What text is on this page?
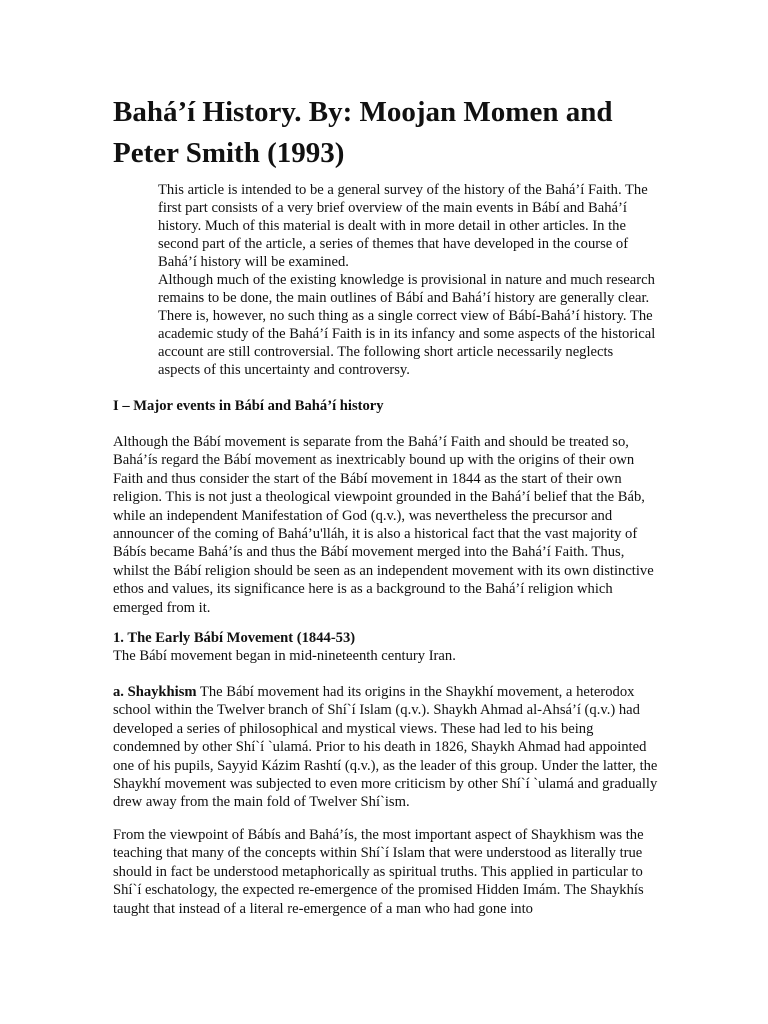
Bahá’í History. By: Moojan Momen and Peter Smith (1993)

This article is intended to be a general survey of the history of the Bahá’í Faith. The first part consists of a very brief overview of the main events in Bábí and Bahá’í history. Much of this material is dealt with in more detail in other articles. In the second part of the article, a series of themes that have developed in the course of Bahá’í history will be examined.

Although much of the existing knowledge is provisional in nature and much research remains to be done, the main outlines of Bábí and Bahá’í history are generally clear. There is, however, no such thing as a single correct view of Bábí-Bahá’í history. The academic study of the Bahá’í Faith is in its infancy and some aspects of the historical account are still controversial. The following short article necessarily neglects aspects of this uncertainty and controversy.

I – Major events in Bábí and Bahá’í history

Although the Bábí movement is separate from the Bahá’í Faith and should be treated so, Bahá’ís regard the Bábí movement as inextricably bound up with the origins of their own Faith and thus consider the start of the Bábí movement in 1844 as the start of their own religion. This is not just a theological viewpoint grounded in the Bahá’í belief that the Báb, while an independent Manifestation of God (q.v.), was nevertheless the precursor and announcer of the coming of Bahá’u'lláh, it is also a historical fact that the vast majority of Bábís became Bahá’ís and thus the Bábí movement merged into the Bahá’í Faith. Thus, whilst the Bábí religion should be seen as an independent movement with its own distinctive ethos and values, its significance here is as a background to the Bahá’í religion which emerged from it.

1. The Early Bábí Movement (1844-53)
The Bábí movement began in mid-nineteenth century Iran.

a. Shaykhism The Bábí movement had its origins in the Shaykhí movement, a heterodox school within the Twelver branch of Shí`í Islam (q.v.). Shaykh Ahmad al-Ahsá’í (q.v.) had developed a series of philosophical and mystical views. These had led to his being condemned by other Shí`í `ulamá. Prior to his death in 1826, Shaykh Ahmad had appointed one of his pupils, Sayyid Kázim Rashtí (q.v.), as the leader of this group. Under the latter, the Shaykhí movement was subjected to even more criticism by other Shí`í `ulamá and gradually drew away from the main fold of Twelver Shí`ism.

From the viewpoint of Bábís and Bahá’ís, the most important aspect of Shaykhism was the teaching that many of the concepts within Shí`í Islam that were understood as literally true should in fact be understood metaphorically as spiritual truths. This applied in particular to Shí`í eschatology, the expected re-emergence of the promised Hidden Imám. The Shaykhís taught that instead of a literal re-emergence of a man who had gone into
